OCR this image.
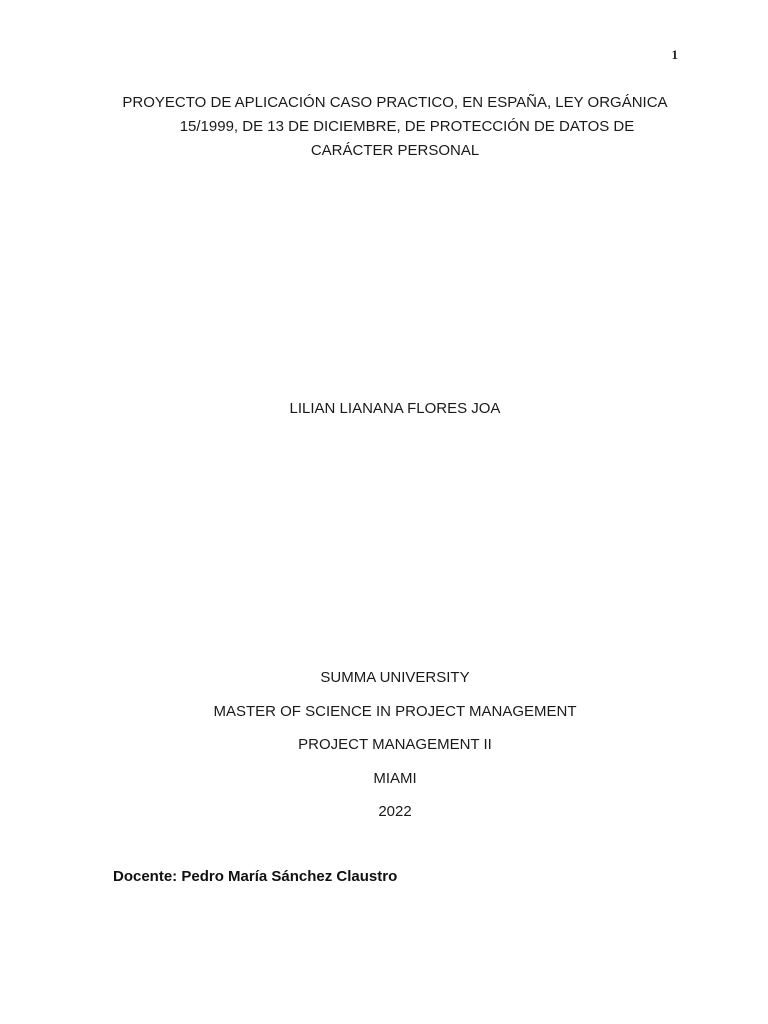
1
PROYECTO DE APLICACIÓN CASO PRACTICO, EN ESPAÑA, LEY ORGÁNICA
15/1999, DE 13 DE DICIEMBRE, DE PROTECCIÓN DE DATOS DE
CARÁCTER PERSONAL
LILIAN LIANANA FLORES JOA
SUMMA UNIVERSITY
MASTER OF SCIENCE IN PROJECT MANAGEMENT
PROJECT MANAGEMENT II
MIAMI
2022
Docente: Pedro María Sánchez Claustro
